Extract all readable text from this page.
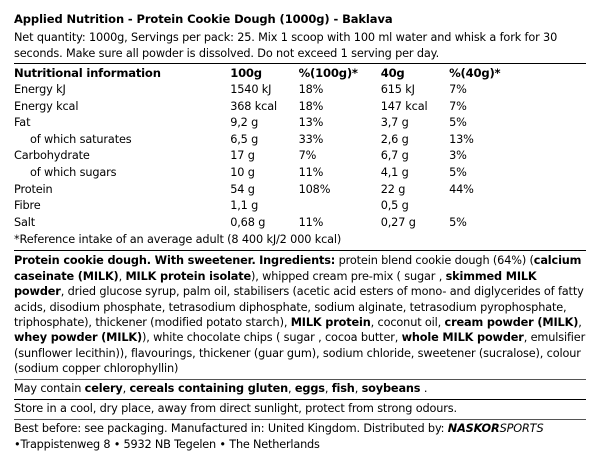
Applied Nutrition - Protein Cookie Dough (1000g) - Baklava
Net quantity: 1000g, Servings per pack: 25. Mix 1 scoop with 100 ml water and whisk a fork for 30 seconds. Make sure all powder is dissolved. Do not exceed 1 serving per day.
Nutritional information	100g	%(100g)*	40g	%(40g)*
Energy kJ	1540 kJ	18%	615 kJ	7%
Energy kcal	368 kcal	18%	147 kcal	7%
Fat	9,2 g	13%	3,7 g	5%
of which saturates	6,5 g	33%	2,6 g	13%
Carbohydrate	17 g	7%	6,7 g	3%
of which sugars	10 g	11%	4,1 g	5%
Protein	54 g	108%	22 g	44%
Fibre	1,1 g		0,5 g	
Salt	0,68 g	11%	0,27 g	5%
*Reference intake of an average adult (8 400 kJ/2 000 kcal)
Protein cookie dough. With sweetener. Ingredients: protein blend cookie dough (64%) (calcium caseinate (MILK), MILK protein isolate), whipped cream pre-mix ( sugar , skimmed MILK powder, dried glucose syrup, palm oil, stabilisers (acetic acid esters of mono- and diglycerides of fatty acids, disodium phosphate, tetrasodium diphosphate, sodium alginate, tetrasodium pyrophosphate, triphosphate), thickener (modified potato starch), MILK protein, coconut oil, cream powder (MILK), whey powder (MILK)), white chocolate chips ( sugar , cocoa butter, whole MILK powder, emulsifier (sunflower lecithin)), flavourings, thickener (guar gum), sodium chloride, sweetener (sucralose), colour (sodium copper chlorophyllin)
May contain celery, cereals containing gluten, eggs, fish, soybeans .
Store in a cool, dry place, away from direct sunlight, protect from strong odours.
Best before: see packaging. Manufactured in: United Kingdom. Distributed by: NASKORSPORTS
•Trappistenweg 8 • 5932 NB Tegelen • The Netherlands
